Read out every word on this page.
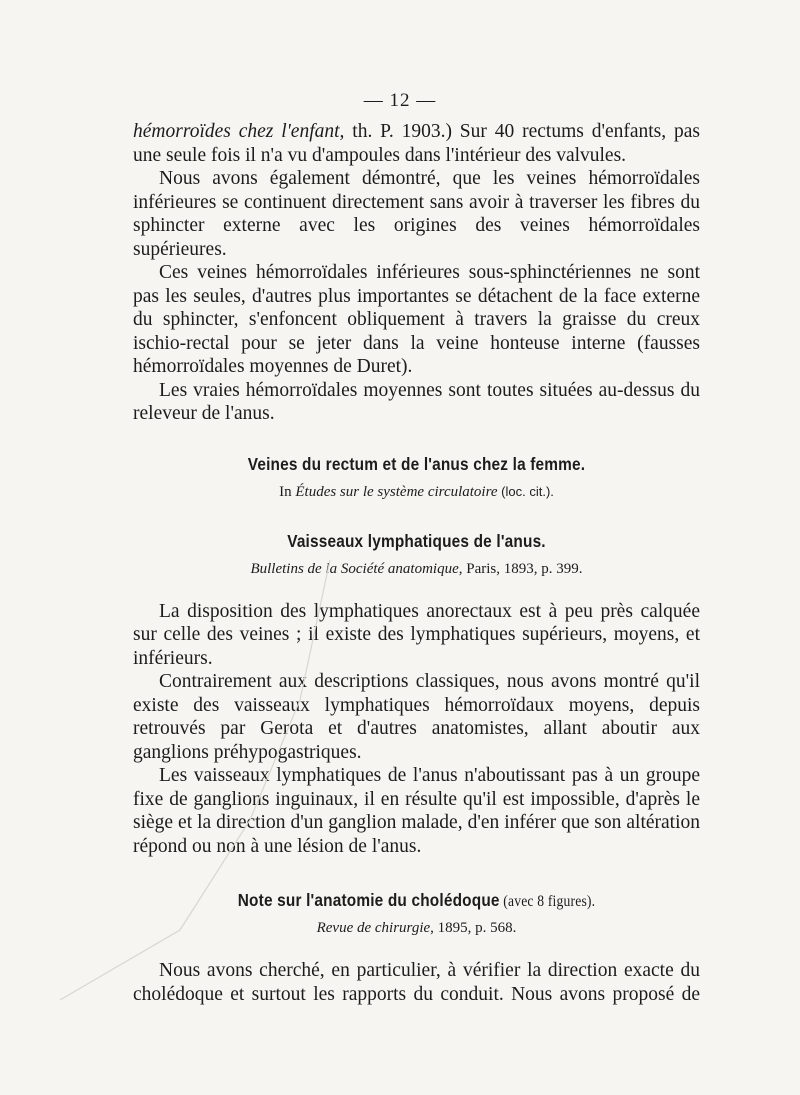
— 12 —

hémorroïdes chez l'enfant, th. P. 1903.) Sur 40 rectums d'enfants, pas une seule fois il n'a vu d'ampoules dans l'intérieur des valvules.

Nous avons également démontré, que les veines hémorroïdales inférieures se continuent directement sans avoir à traverser les fibres du sphincter externe avec les origines des veines hémorroïdales supérieures.

Ces veines hémorroïdales inférieures sous-sphinctériennes ne sont pas les seules, d'autres plus importantes se détachent de la face externe du sphincter, s'enfoncent obliquement à travers la graisse du creux ischio-rectal pour se jeter dans la veine honteuse interne (fausses hémorroïdales moyennes de Duret).

Les vraies hémorroïdales moyennes sont toutes situées au-dessus du releveur de l'anus.

Veines du rectum et de l'anus chez la femme.

In Études sur le système circulatoire (loc. cit.).

Vaisseaux lymphatiques de l'anus.

Bulletins de la Société anatomique, Paris, 1893, p. 399.

La disposition des lymphatiques anorectaux est à peu près calquée sur celle des veines ; il existe des lymphatiques supérieurs, moyens, et inférieurs.

Contrairement aux descriptions classiques, nous avons montré qu'il existe des vaisseaux lymphatiques hémorroïdaux moyens, depuis retrouvés par Gerota et d'autres anatomistes, allant aboutir aux ganglions préhypogastriques.

Les vaisseaux lymphatiques de l'anus n'aboutissant pas à un groupe fixe de ganglions inguinaux, il en résulte qu'il est impossible, d'après le siège et la direction d'un ganglion malade, d'en inférer que son altération répond ou non à une lésion de l'anus.

Note sur l'anatomie du cholédoque (avec 8 figures).

Revue de chirurgie, 1895, p. 568.

Nous avons cherché, en particulier, à vérifier la direction exacte du cholédoque et surtout les rapports du conduit. Nous avons proposé de
